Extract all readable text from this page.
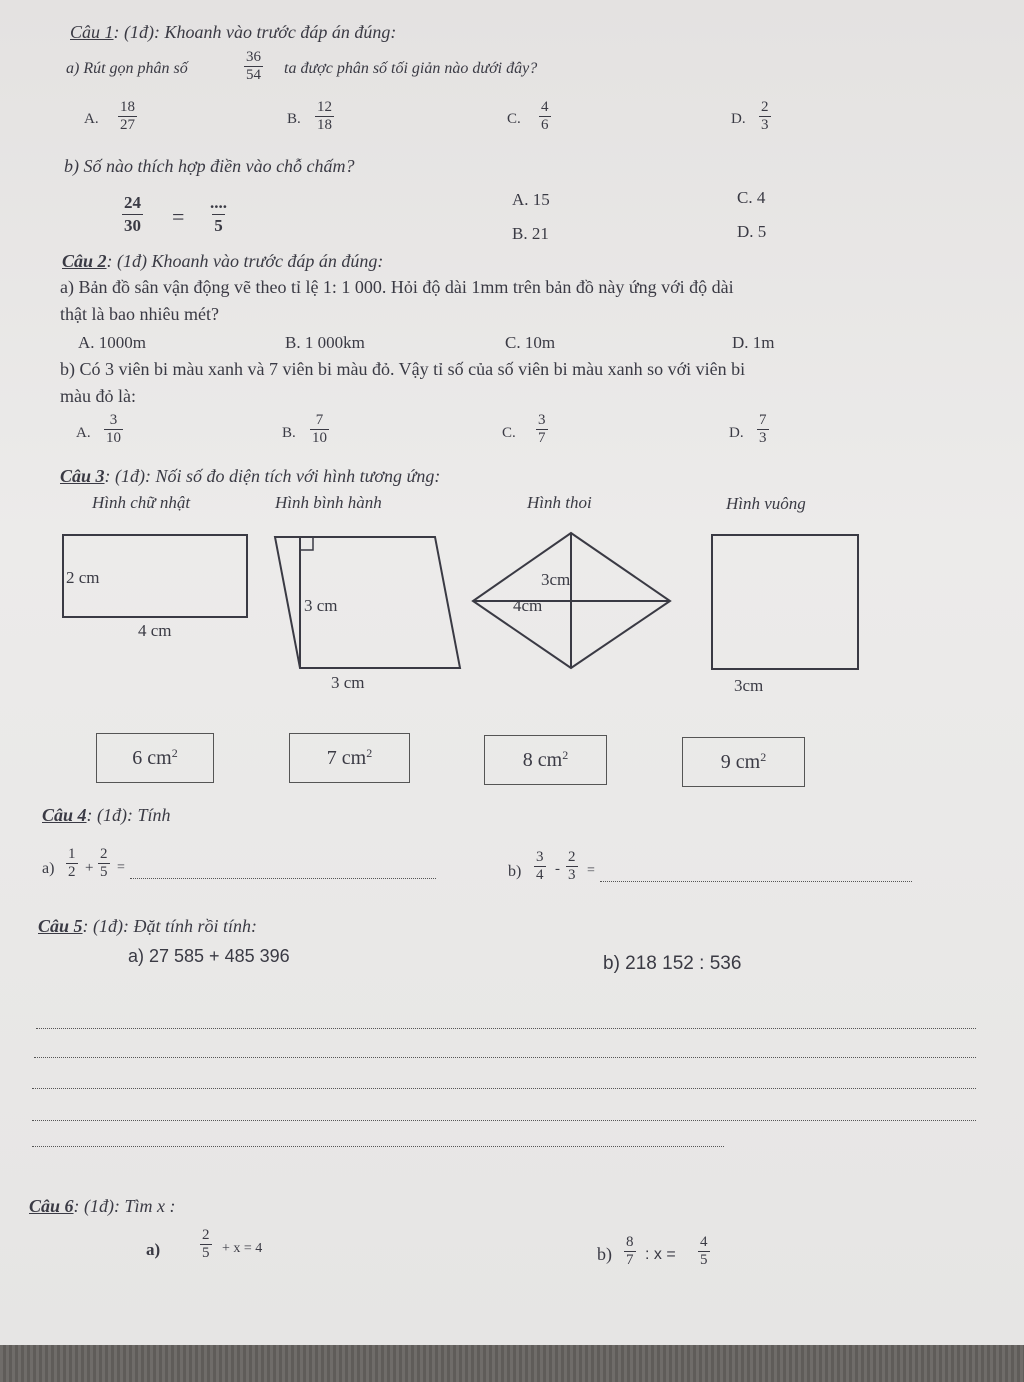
Câu 1: (1đ): Khoanh vào trước đáp án đúng:
a) Rút gọn phân số	$\frac{36}{54}$ ta được phân số tối giản nào dưới đây?
A. $\frac{18}{27}$	B. $\frac{12}{18}$	C. $\frac{4}{6}$	D. $\frac{2}{3}$
b) Số nào thích hợp điền vào chỗ chấm?
$\frac{24}{30}$ =
....
5
A. 15	C. 4
B. 21	D. 5
Câu 2: (1đ) Khoanh vào trước đáp án đúng:
a) Bản đồ sân vận động vẽ theo tỉ lệ 1: 1 000. Hỏi độ dài 1mm trên bản đồ này ứng với độ dài
thật là bao nhiêu mét?
A. 1000m	B. 1 000km	C. 10m	D. 1m
b) Có 3 viên bi màu xanh và 7 viên bi màu đỏ. Vậy tỉ số của số viên bi màu xanh so với viên bi
màu đỏ là:
A. $\frac{3}{10}$	B. $\frac{7}{10}$	C. $\frac{3}{7}$	D. $\frac{7}{3}$
Câu 3: (1đ): Nối số đo diện tích với hình tương ứng:
Hình chữ nhật	Hình bình hành	Hình thoi	Hình vuông
2 cm
4 cm
3 cm
3 cm
3cm
4cm
3cm
6 $cm^2$	7 $cm^2$	8 $cm^2$	9 $cm^2$
Câu 4: (1đ): Tính
$a) \frac{1}{2} + \frac{2}{5}$ =	$b) \frac{3}{4} - \frac{2}{3}$ =
Câu 5: (1đ): Đặt tính rồi tính:
a) 27 585 + 485 396	b) 218 152 : 536
Câu 6: (1đ): Tìm x :
a)	$\frac{2}{5} + x = 4$	$b) \frac{8}{7}$ : $x = \frac{4}{5}$
